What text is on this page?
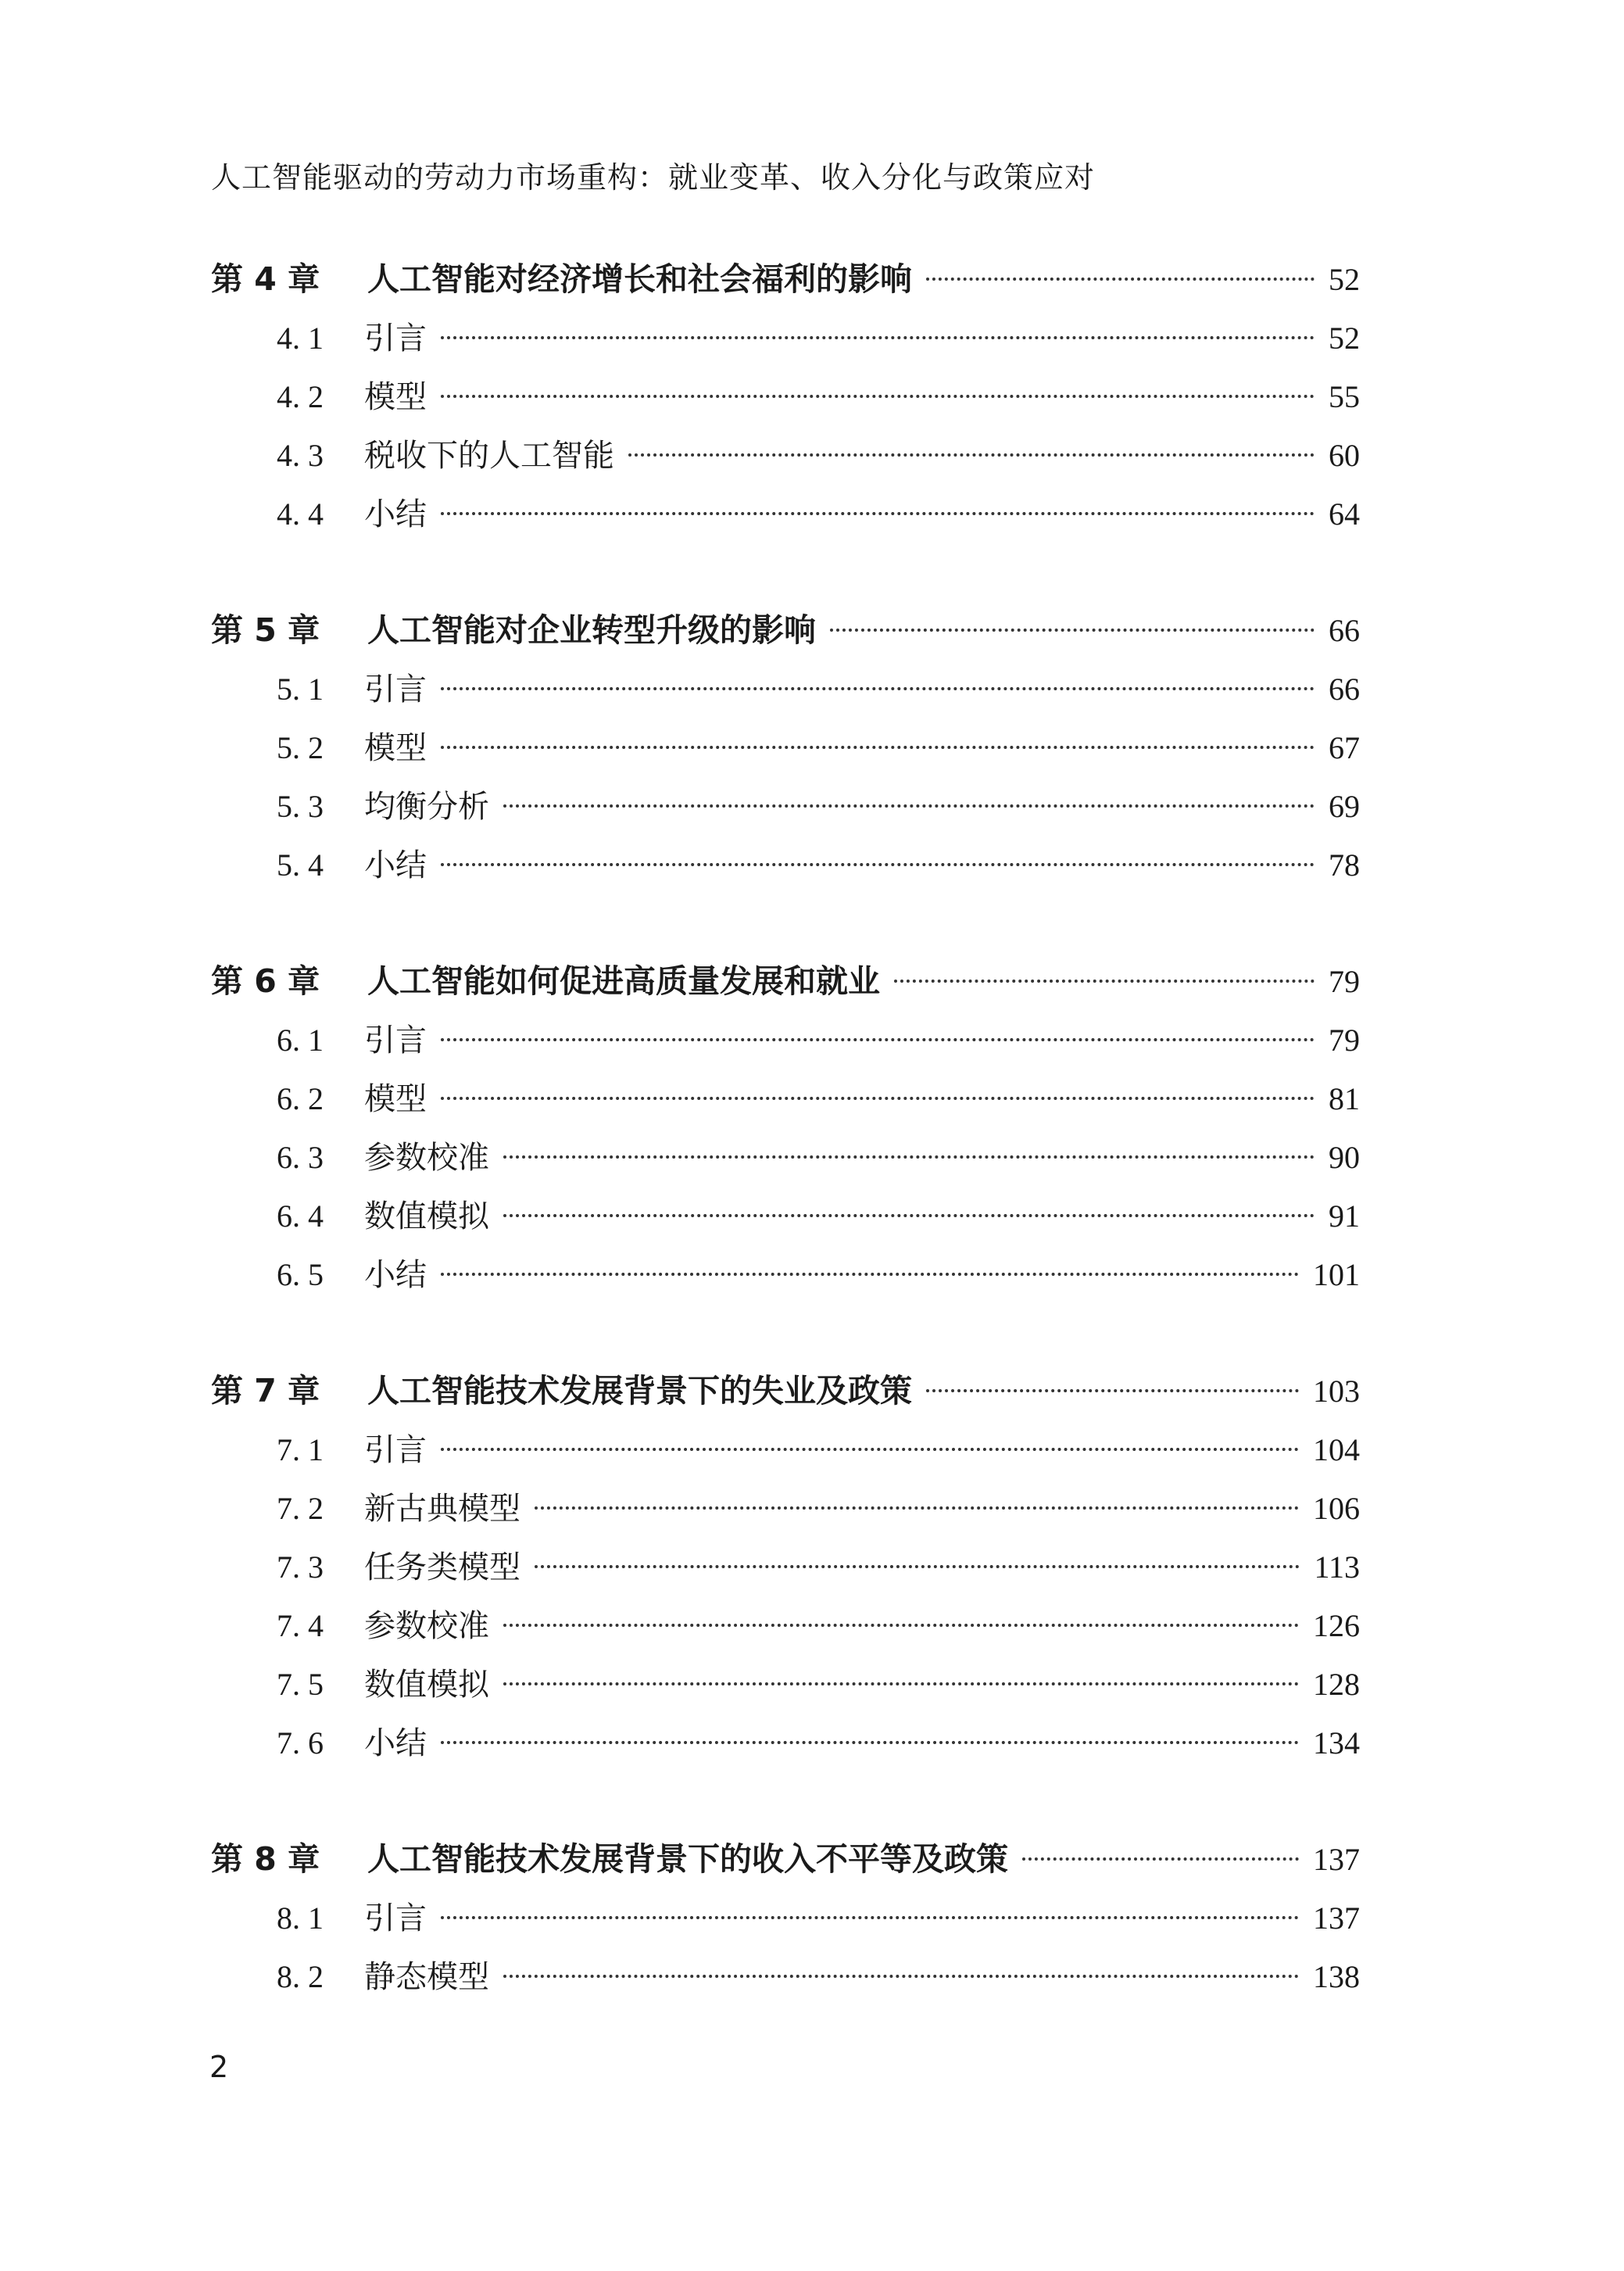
人工智能驱动的劳动力市场重构：就业变革、收入分化与政策应对
第 4 章	人工智能对经济增长和社会福利的影响	52
4. 1	引言	52
4. 2	模型	55
4. 3	税收下的人工智能	60
4. 4	小结	64
第 5 章	人工智能对企业转型升级的影响	66
5. 1	引言	66
5. 2	模型	67
5. 3	均衡分析	69
5. 4	小结	78
第 6 章	人工智能如何促进高质量发展和就业	79
6. 1	引言	79
6. 2	模型	81
6. 3	参数校准	90
6. 4	数值模拟	91
6. 5	小结	101
第 7 章	人工智能技术发展背景下的失业及政策	103
7. 1	引言	104
7. 2	新古典模型	106
7. 3	任务类模型	113
7. 4	参数校准	126
7. 5	数值模拟	128
7. 6	小结	134
第 8 章	人工智能技术发展背景下的收入不平等及政策	137
8. 1	引言	137
8. 2	静态模型	138
2
